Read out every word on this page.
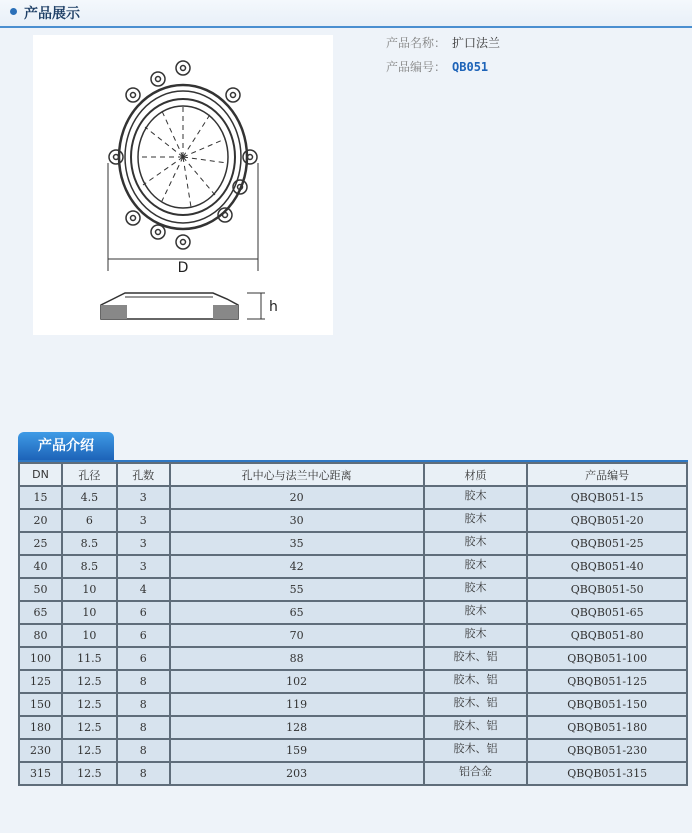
产品展示
D
h
产品名称： 扩口法兰
产品编号： QB051
产品介绍
DN	孔径	孔数	孔中心与法兰中心距离	材质	产品编号
15	4.5	3	20	胶木	QBQB051-15
20	6	3	30	胶木	QBQB051-20
25	8.5	3	35	胶木	QBQB051-25
40	8.5	3	42	胶木	QBQB051-40
50	10	4	55	胶木	QBQB051-50
65	10	6	65	胶木	QBQB051-65
80	10	6	70	胶木	QBQB051-80
100	11.5	6	88	胶木、铝	QBQB051-100
125	12.5	8	102	胶木、铝	QBQB051-125
150	12.5	8	119	胶木、铝	QBQB051-150
180	12.5	8	128	胶木、铝	QBQB051-180
230	12.5	8	159	胶木、铝	QBQB051-230
315	12.5	8	203	铝合金	QBQB051-315
